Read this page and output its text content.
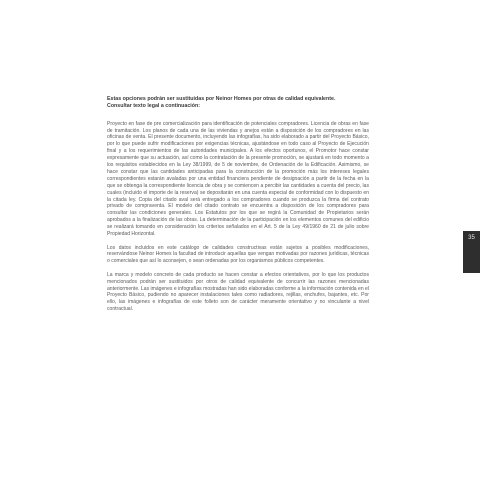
Estas opciones podrán ser sustituidas por Neinor Homes por otras de calidad equivalente.
Consultar texto legal a continuación:

Proyecto en fase de pre comercialización para identificación de potenciales compradores. Licencia de obras en fase de tramitación. Los planos de cada una de las viviendas y anejos están a disposición de los compradores en las oficinas de venta. El presente documento, incluyendo las infografías, ha sido elaborado a partir del Proyecto Básico, por lo que puede sufrir modificaciones por exigencias técnicas, ajustándose en todo caso al Proyecto de Ejecución final y a los requerimientos de las autoridades municipales. A los efectos oportunos, el Promotor hace constar expresamente que su actuación, así como la contratación de la presente promoción, se ajustará en todo momento a los requisitos establecidos en la Ley 38/1999, de 5 de noviembre, de Ordenación de la Edificación. Asimismo, se hace constar que las cantidades anticipadas para la construcción de la promoción más los intereses legales correspondientes estarán avaladas por una entidad financiera pendiente de designación a partir de la fecha en la que se obtenga la correspondiente licencia de obra y se comiencen a percibir las cantidades a cuenta del precio, las cuales (incluido el importe de la reserva) se depositarán en una cuenta especial de conformidad con lo dispuesto en la citada ley. Copia del citado aval será entregado a los compradores cuando se produzca la firma del contrato privado de compraventa. El modelo del citado contrato se encuentra a disposición de los compradores para consultar las condiciones generales. Los Estatutos por los que se regirá la Comunidad de Propietarios serán aprobados a la finalización de las obras. La determinación de la participación en los elementos comunes del edificio se realizará tomando en consideración los criterios señalados en el Art. 5 de la Ley 49/1960 de 21 de julio sobre Propiedad Horizontal.

Los datos incluidos en este catálogo de calidades constructivas están sujetos a posibles modificaciones, reservándose Neinor Homes la facultad de introducir aquellas que vengan motivadas por razones jurídicas, técnicas o comerciales que así lo aconsejen, o sean ordenadas por los organismos públicos competentes.

La marca y modelo concreto de cada producto se hacen constar a efectos orientativos, por lo que los productos mencionados podrán ser sustituidos por otros de calidad equivalente de concurrir las razones mencionadas anteriormente. Las imágenes e infografías mostradas han sido elaboradas conforme a la información contenida en el Proyecto Básico, pudiendo no aparecer instalaciones tales como radiadores, rejillas, enchufes, bajantes, etc. Por ello, las imágenes e infografías de este folleto son de carácter meramente orientativo y no vinculante a nivel contractual.

35
